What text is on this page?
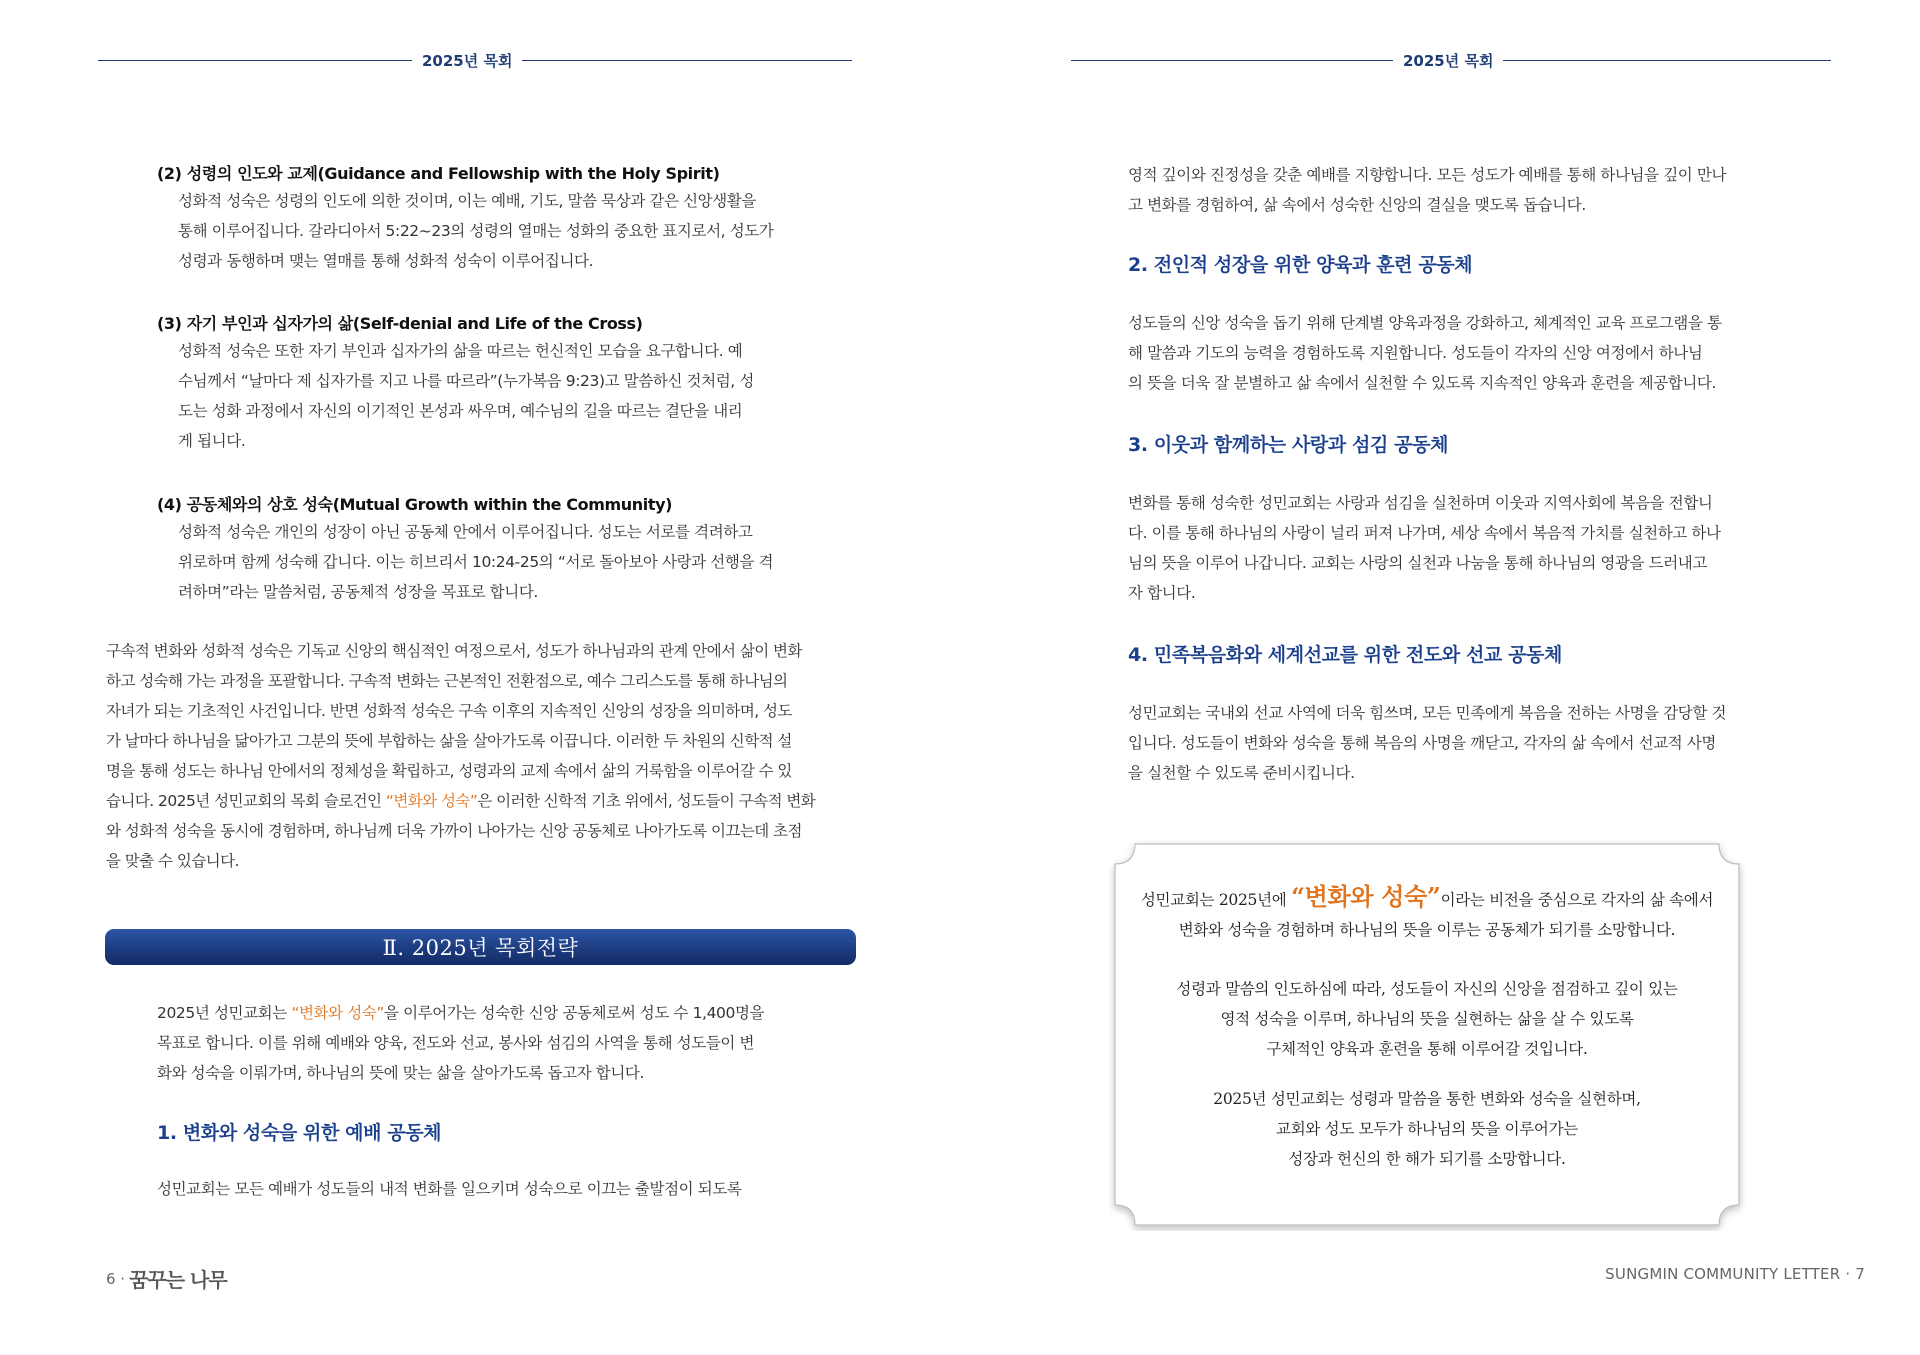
2025년 목회
(2) 성령의 인도와 교제(Guidance and Fellowship with the Holy Spirit)
성화적 성숙은 성령의 인도에 의한 것이며, 이는 예배, 기도, 말씀 묵상과 같은 신앙생활을
통해 이루어집니다. 갈라디아서 5:22~23의 성령의 열매는 성화의 중요한 표지로서, 성도가
성령과 동행하며 맺는 열매를 통해 성화적 성숙이 이루어집니다.
(3) 자기 부인과 십자가의 삶(Self-denial and Life of the Cross)
성화적 성숙은 또한 자기 부인과 십자가의 삶을 따르는 헌신적인 모습을 요구합니다. 예
수님께서 “날마다 제 십자가를 지고 나를 따르라”(누가복음 9:23)고 말씀하신 것처럼, 성
도는 성화 과정에서 자신의 이기적인 본성과 싸우며, 예수님의 길을 따르는 결단을 내리
게 됩니다.
(4) 공동체와의 상호 성숙(Mutual Growth within the Community)
성화적 성숙은 개인의 성장이 아닌 공동체 안에서 이루어집니다. 성도는 서로를 격려하고
위로하며 함께 성숙해 갑니다. 이는 히브리서 10:24-25의 “서로 돌아보아 사랑과 선행을 격
려하며”라는 말씀처럼, 공동체적 성장을 목표로 합니다.
구속적 변화와 성화적 성숙은 기독교 신앙의 핵심적인 여정으로서, 성도가 하나님과의 관계 안에서 삶이 변화
하고 성숙해 가는 과정을 포괄합니다. 구속적 변화는 근본적인 전환점으로, 예수 그리스도를 통해 하나님의
자녀가 되는 기초적인 사건입니다. 반면 성화적 성숙은 구속 이후의 지속적인 신앙의 성장을 의미하며, 성도
가 날마다 하나님을 닮아가고 그분의 뜻에 부합하는 삶을 살아가도록 이끕니다. 이러한 두 차원의 신학적 설
명을 통해 성도는 하나님 안에서의 정체성을 확립하고, 성령과의 교제 속에서 삶의 거룩함을 이루어갈 수 있
습니다. 2025년 성민교회의 목회 슬로건인 “변화와 성숙”은 이러한 신학적 기초 위에서, 성도들이 구속적 변화
와 성화적 성숙을 동시에 경험하며, 하나님께 더욱 가까이 나아가는 신앙 공동체로 나아가도록 이끄는데 초점
을 맞출 수 있습니다.
Ⅱ. 2025년 목회전략
2025년 성민교회는 “변화와 성숙”을 이루어가는 성숙한 신앙 공동체로써 성도 수 1,400명을
목표로 합니다. 이를 위해 예배와 양육, 전도와 선교, 봉사와 섬김의 사역을 통해 성도들이 변
화와 성숙을 이뤄가며, 하나님의 뜻에 맞는 삶을 살아가도록 돕고자 합니다.
1. 변화와 성숙을 위한 예배 공동체
성민교회는 모든 예배가 성도들의 내적 변화를 일으키며 성숙으로 이끄는 출발점이 되도록
6 · 꿈꾸는 나무
2025년 목회
영적 깊이와 진정성을 갖춘 예배를 지향합니다. 모든 성도가 예배를 통해 하나님을 깊이 만나
고 변화를 경험하여, 삶 속에서 성숙한 신앙의 결실을 맺도록 돕습니다.
2. 전인적 성장을 위한 양육과 훈련 공동체
성도들의 신앙 성숙을 돕기 위해 단계별 양육과정을 강화하고, 체계적인 교육 프로그램을 통
해 말씀과 기도의 능력을 경험하도록 지원합니다. 성도들이 각자의 신앙 여정에서 하나님
의 뜻을 더욱 잘 분별하고 삶 속에서 실천할 수 있도록 지속적인 양육과 훈련을 제공합니다.
3. 이웃과 함께하는 사랑과 섬김 공동체
변화를 통해 성숙한 성민교회는 사랑과 섬김을 실천하며 이웃과 지역사회에 복음을 전합니
다. 이를 통해 하나님의 사랑이 널리 퍼져 나가며, 세상 속에서 복음적 가치를 실천하고 하나
님의 뜻을 이루어 나갑니다. 교회는 사랑의 실천과 나눔을 통해 하나님의 영광을 드러내고
자 합니다.
4. 민족복음화와 세계선교를 위한 전도와 선교 공동체
성민교회는 국내외 선교 사역에 더욱 힘쓰며, 모든 민족에게 복음을 전하는 사명을 감당할 것
입니다. 성도들이 변화와 성숙을 통해 복음의 사명을 깨닫고, 각자의 삶 속에서 선교적 사명
을 실천할 수 있도록 준비시킵니다.
성민교회는 2025년에 “변화와 성숙”이라는 비전을 중심으로 각자의 삶 속에서
변화와 성숙을 경험하며 하나님의 뜻을 이루는 공동체가 되기를 소망합니다.
성령과 말씀의 인도하심에 따라, 성도들이 자신의 신앙을 점검하고 깊이 있는
영적 성숙을 이루며, 하나님의 뜻을 실현하는 삶을 살 수 있도록
구체적인 양육과 훈련을 통해 이루어갈 것입니다.
2025년 성민교회는 성령과 말씀을 통한 변화와 성숙을 실현하며,
교회와 성도 모두가 하나님의 뜻을 이루어가는
성장과 헌신의 한 해가 되기를 소망합니다.
SUNGMIN COMMUNITY LETTER · 7
